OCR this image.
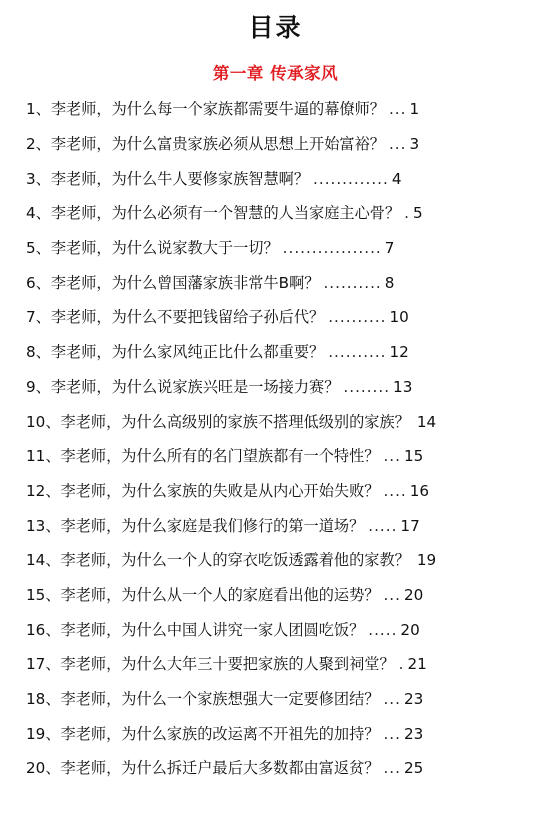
目录
第一章 传承家风
1、 李老师，为什么每一个家族都需要牛逼的幕僚师？ ... 1
2、 李老师，为什么富贵家族必须从思想上开始富裕？ ... 3
3、 李老师，为什么牛人要修家族智慧啊？ ............. 4
4、 李老师，为什么必须有一个智慧的人当家庭主心骨？ . 5
5、 李老师，为什么说家教大于一切？ ................. 7
6、 李老师，为什么曾国藩家族非常牛B啊？ .......... 8
7、 李老师，为什么不要把钱留给子孙后代？ .......... 10
8、 李老师，为什么家风纯正比什么都重要？ .......... 12
9、 李老师，为什么说家族兴旺是一场接力赛？ ........ 13
10、 李老师，为什么高级别的家族不搭理低级别的家族？ 14
11、 李老师，为什么所有的名门望族都有一个特性？ ... 15
12、 李老师，为什么家族的失败是从内心开始失败？ .... 16
13、 李老师，为什么家庭是我们修行的第一道场？ ..... 17
14、 李老师，为什么一个人的穿衣吃饭透露着他的家教？ 19
15、 李老师，为什么从一个人的家庭看出他的运势？ ... 20
16、 李老师，为什么中国人讲究一家人团圆吃饭？ ..... 20
17、 李老师，为什么大年三十要把家族的人聚到祠堂？ . 21
18、 李老师，为什么一个家族想强大一定要修团结？ ... 23
19、 李老师，为什么家族的改运离不开祖先的加持？ ... 23
20、 李老师，为什么拆迁户最后大多数都由富返贫？ ... 25
